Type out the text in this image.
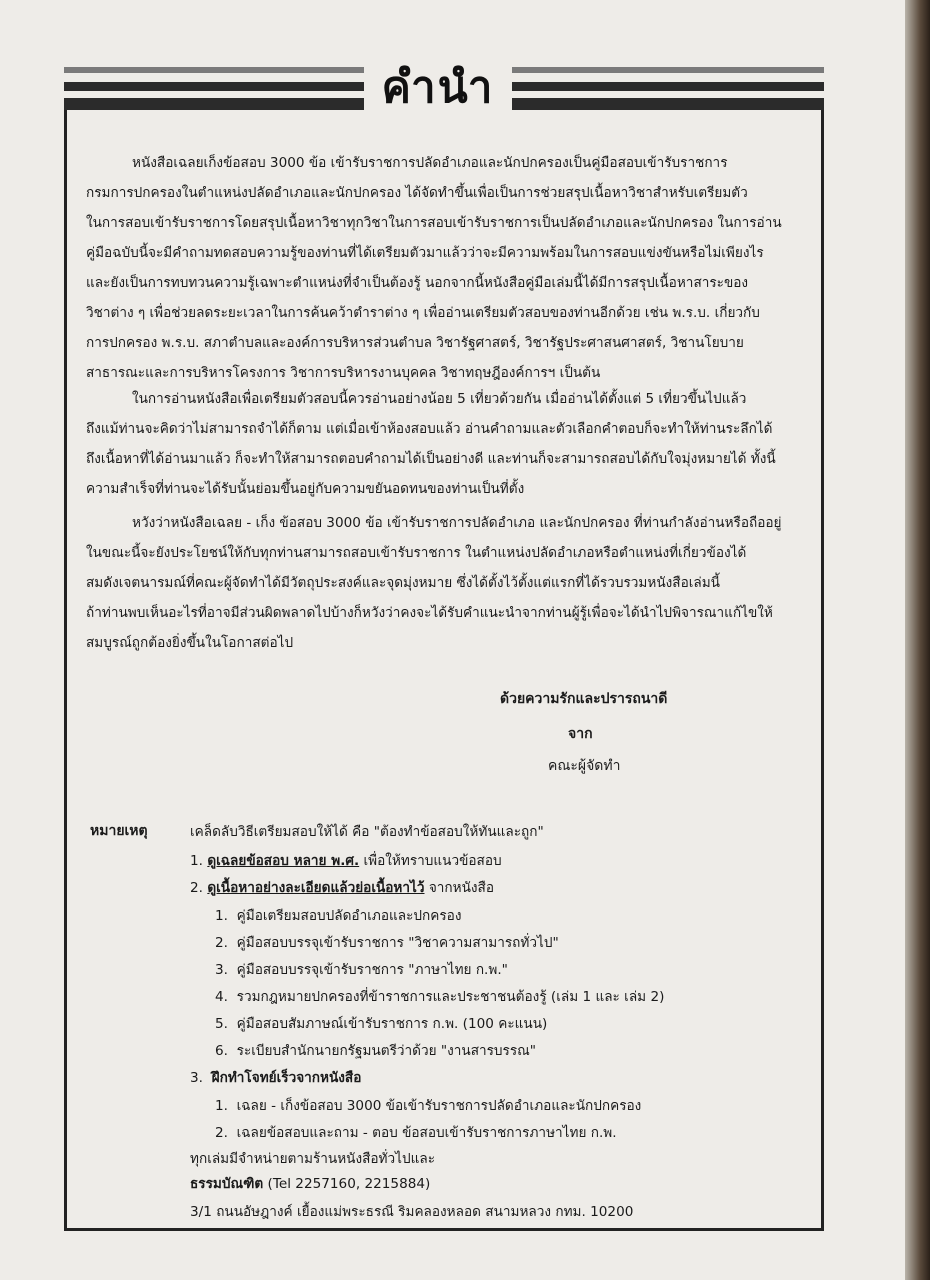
คำนำ
หนังสือเฉลยเก็งข้อสอบ 3000 ข้อ เข้ารับราชการปลัดอำเภอและนักปกครองเป็นคู่มือสอบเข้ารับราชการ
กรมการปกครองในตำแหน่งปลัดอำเภอและนักปกครอง ได้จัดทำขึ้นเพื่อเป็นการช่วยสรุปเนื้อหาวิชาสำหรับเตรียมตัว
ในการสอบเข้ารับราชการโดยสรุปเนื้อหาวิชาทุกวิชาในการสอบเข้ารับราชการเป็นปลัดอำเภอและนักปกครอง ในการอ่าน
คู่มือฉบับนี้จะมีคำถามทดสอบความรู้ของท่านที่ได้เตรียมตัวมาแล้วว่าจะมีความพร้อมในการสอบแข่งขันหรือไม่เพียงไร
และยังเป็นการทบทวนความรู้เฉพาะตำแหน่งที่จำเป็นต้องรู้ นอกจากนี้หนังสือคู่มือเล่มนี้ได้มีการสรุปเนื้อหาสาระของ
วิชาต่าง ๆ เพื่อช่วยลดระยะเวลาในการค้นคว้าตำราต่าง ๆ เพื่ออ่านเตรียมตัวสอบของท่านอีกด้วย เช่น พ.ร.บ. เกี่ยวกับ
การปกครอง พ.ร.บ. สภาตำบลและองค์การบริหารส่วนตำบล วิชารัฐศาสตร์, วิชารัฐประศาสนศาสตร์, วิชานโยบาย
สาธารณะและการบริหารโครงการ วิชาการบริหารงานบุคคล วิชาทฤษฎีองค์การฯ เป็นต้น
ในการอ่านหนังสือเพื่อเตรียมตัวสอบนี้ควรอ่านอย่างน้อย 5 เที่ยวด้วยกัน เมื่ออ่านได้ตั้งแต่ 5 เที่ยวขึ้นไปแล้ว
ถึงแม้ท่านจะคิดว่าไม่สามารถจำได้ก็ตาม แต่เมื่อเข้าห้องสอบแล้ว อ่านคำถามและตัวเลือกคำตอบก็จะทำให้ท่านระลึกได้
ถึงเนื้อหาที่ได้อ่านมาแล้ว ก็จะทำให้สามารถตอบคำถามได้เป็นอย่างดี และท่านก็จะสามารถสอบได้กับใจมุ่งหมายได้ ทั้งนี้
ความสำเร็จที่ท่านจะได้รับนั้นย่อมขึ้นอยู่กับความขยันอดทนของท่านเป็นที่ตั้ง
หวังว่าหนังสือเฉลย - เก็ง ข้อสอบ 3000 ข้อ เข้ารับราชการปลัดอำเภอ และนักปกครอง ที่ท่านกำลังอ่านหรือถืออยู่
ในขณะนี้จะยังประโยชน์ให้กับทุกท่านสามารถสอบเข้ารับราชการ ในตำแหน่งปลัดอำเภอหรือตำแหน่งที่เกี่ยวข้องได้
สมดังเจตนารมณ์ที่คณะผู้จัดทำได้มีวัตถุประสงค์และจุดมุ่งหมาย ซึ่งได้ตั้งไว้ตั้งแต่แรกที่ได้รวบรวมหนังสือเล่มนี้
ถ้าท่านพบเห็นอะไรที่อาจมีส่วนผิดพลาดไปบ้างก็หวังว่าคงจะได้รับคำแนะนำจากท่านผู้รู้เพื่อจะได้นำไปพิจารณาแก้ไขให้
สมบูรณ์ถูกต้องยิ่งขึ้นในโอกาสต่อไป
ด้วยความรักและปรารถนาดี
จาก
คณะผู้จัดทำ
หมายเหตุ	เคล็ดลับวิธีเตรียมสอบให้ได้ คือ "ต้องทำข้อสอบให้ทันและถูก"
1. ดูเฉลยข้อสอบ หลาย พ.ศ. เพื่อให้ทราบแนวข้อสอบ
2. ดูเนื้อหาอย่างละเอียดแล้วย่อเนื้อหาไว้ จากหนังสือ
1. คู่มือเตรียมสอบปลัดอำเภอและปกครอง
2. คู่มือสอบบรรจุเข้ารับราชการ "วิชาความสามารถทั่วไป"
3. คู่มือสอบบรรจุเข้ารับราชการ "ภาษาไทย ก.พ."
4. รวมกฎหมายปกครองที่ข้าราชการและประชาชนต้องรู้ (เล่ม 1 และ เล่ม 2)
5. คู่มือสอบสัมภาษณ์เข้ารับราชการ ก.พ. (100 คะแนน)
6. ระเบียบสำนักนายกรัฐมนตรีว่าด้วย "งานสารบรรณ"
3. ฝึกทำโจทย์เร็วจากหนังสือ
1. เฉลย - เก็งข้อสอบ 3000 ข้อเข้ารับราชการปลัดอำเภอและนักปกครอง
2. เฉลยข้อสอบและถาม - ตอบ ข้อสอบเข้ารับราชการภาษาไทย ก.พ.
ทุกเล่มมีจำหน่ายตามร้านหนังสือทั่วไปและ
ธรรมบัณฑิต (Tel 2257160, 2215884)
3/1 ถนนอัษฎางค์ เยื้องแม่พระธรณี ริมคลองหลอด สนามหลวง กทม. 10200
